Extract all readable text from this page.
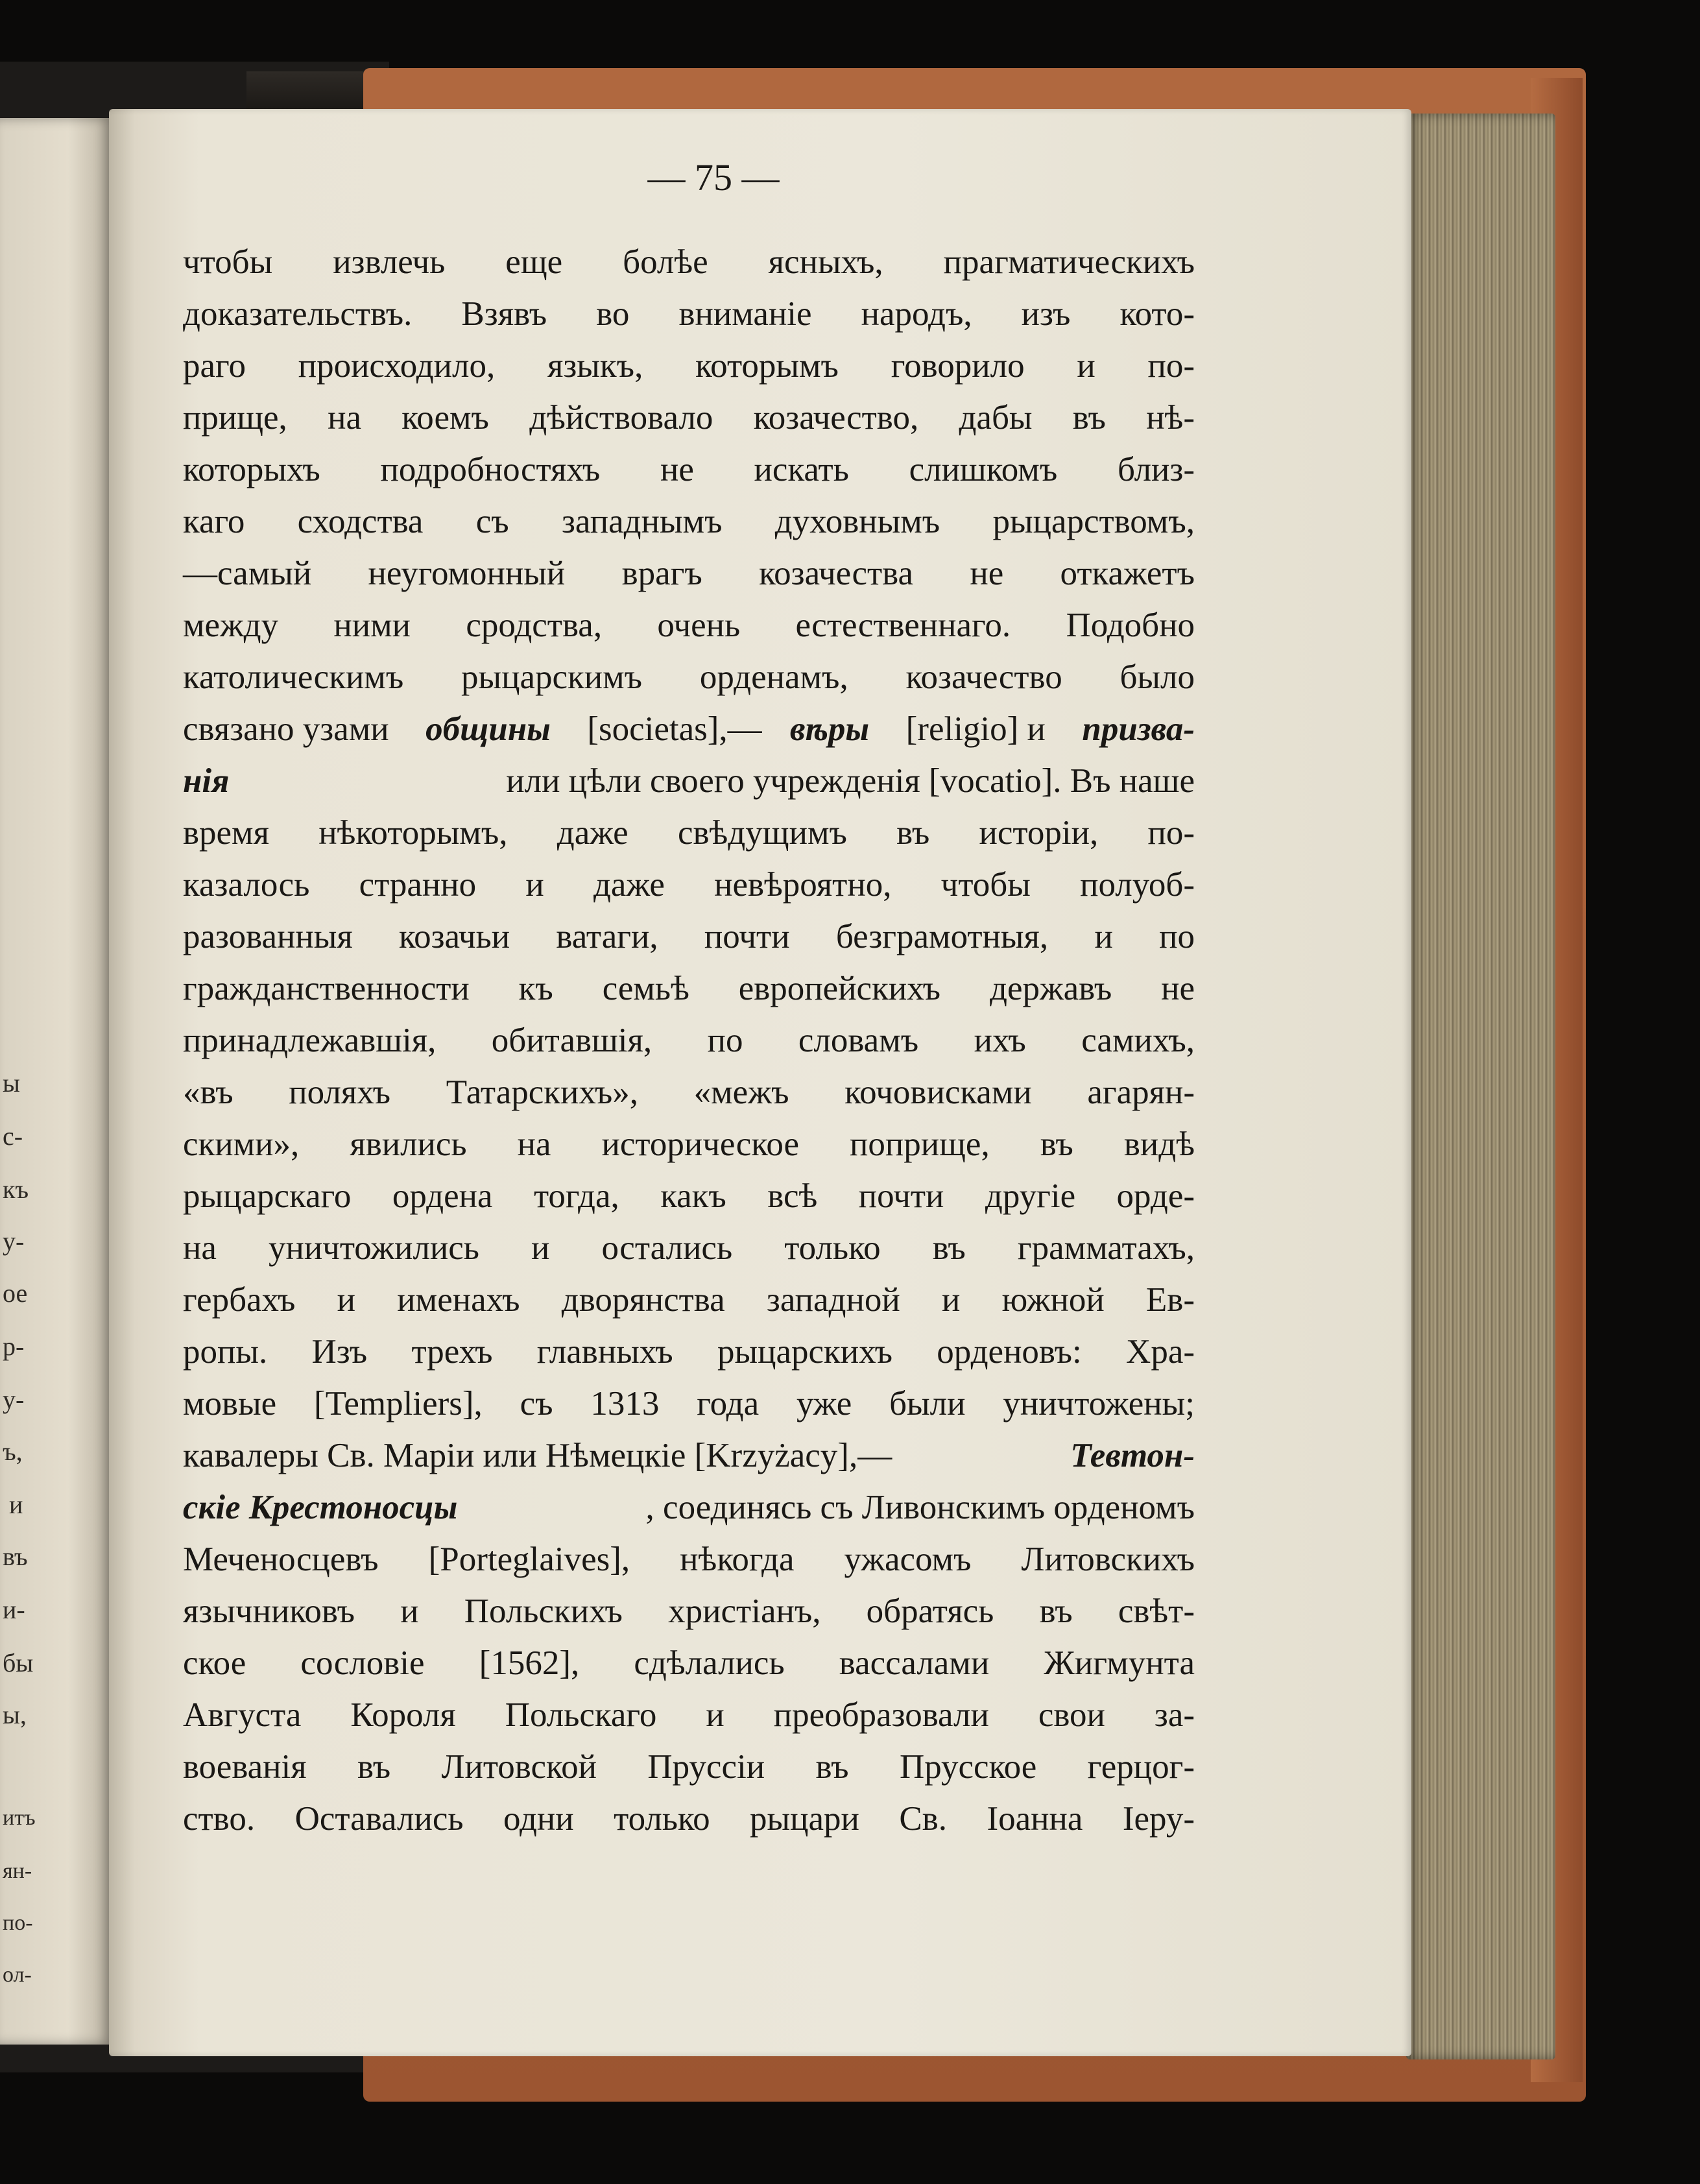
ы
с-
къ
у-
ое
р-
у-
ъ,
и
въ
и-
бы
ы,
итъ
ян-
по-
ол-
— 75 —
чтобы извлечь еще болѣе ясныхъ, прагматическихъ
доказательствъ. Взявъ во вниманіе народъ, изъ кото-
раго происходило, языкъ, которымъ говорило и по-
прище, на коемъ дѣйствовало козачество, дабы въ нѣ-
которыхъ подробностяхъ не искать слишкомъ близ-
каго сходства съ западнымъ духовнымъ рыцарствомъ,
—самый неугомонный врагъ козачества не откажетъ
между ними сродства, очень естественнаго. Подобно
католическимъ рыцарскимъ орденамъ, козачество было
связано узами общины [societas],— вѣры [religio] и призва-
нія	или цѣли своего учрежденія [vocatio]. Въ наше
время нѣкоторымъ, даже свѣдущимъ въ исторіи, по-
казалось странно и даже невѣроятно, чтобы полуоб-
разованныя козачьи ватаги, почти безграмотныя, и по
гражданственности къ семьѣ европейскихъ державъ не
принадлежавшія, обитавшія, по словамъ ихъ самихъ,
«въ поляхъ Татарскихъ», «межъ кочовисками агарян-
скими», явились на историческое поприще, въ видѣ
рыцарскаго ордена тогда, какъ всѣ почти другіе орде-
на уничтожились и остались только въ грамматахъ,
гербахъ и именахъ дворянства западной и южной Ев-
ропы. Изъ трехъ главныхъ рыцарскихъ орденовъ: Хра-
мовые [Templiers], съ 1313 года уже были уничтожены;
кавалеры Св. Маріи или Нѣмецкіе [Krzyżacy],—	Тевтон-
скіе Крестоносцы	, соединясь съ Ливонскимъ орденомъ
Меченосцевъ [Porteglaives], нѣкогда ужасомъ Литовскихъ
язычниковъ и Польскихъ христіанъ, обратясь въ свѣт-
ское сословіе [1562], сдѣлались вассалами Жигмунта
Августа Короля Польскаго и преобразовали свои за-
воеванія въ Литовской Пруссіи въ Прусское герцог-
ство. Оставались одни только рыцари Св. Іоанна Іеру-
